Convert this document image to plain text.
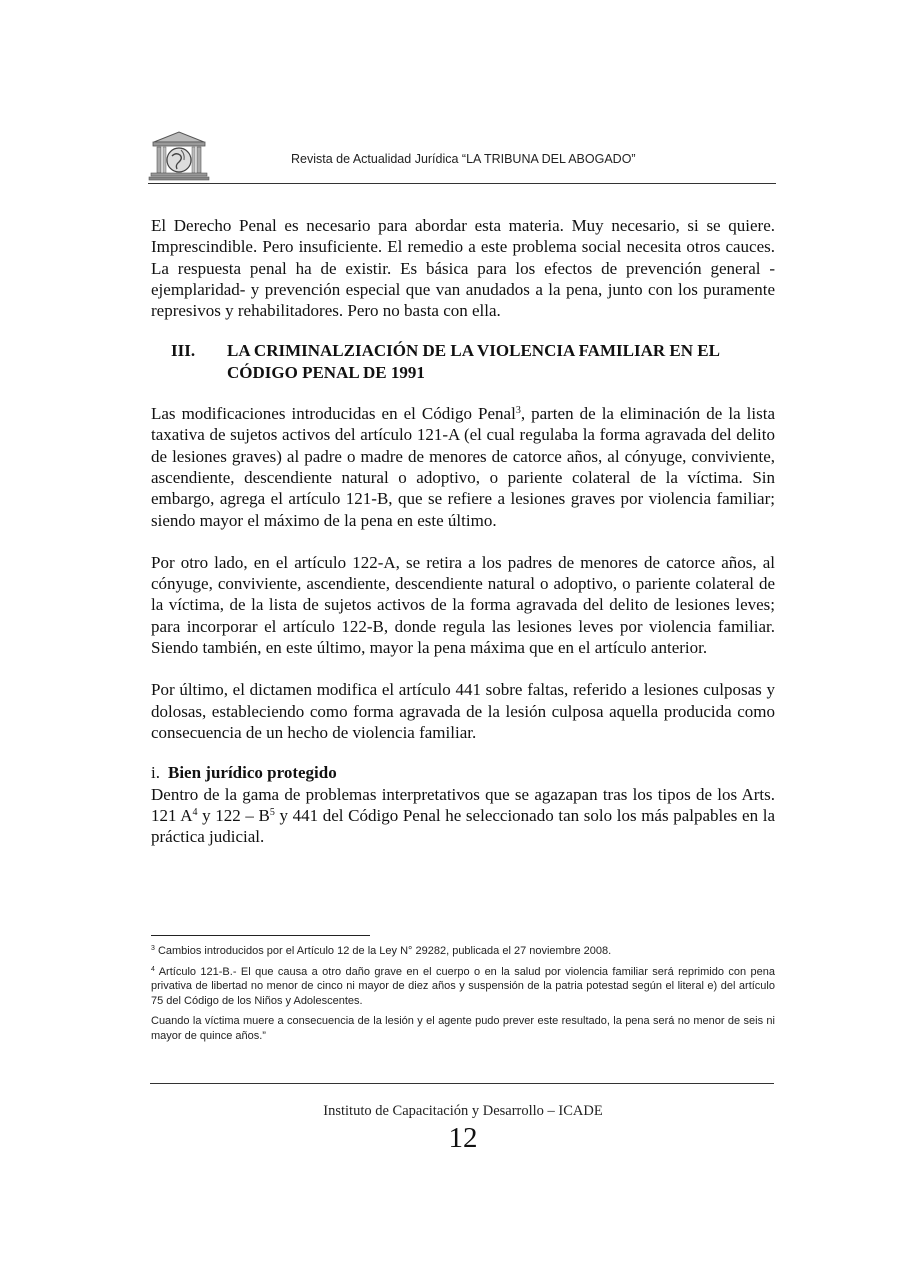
Revista de Actualidad Jurídica “LA TRIBUNA DEL ABOGADO”

El Derecho Penal es necesario para abordar esta materia. Muy necesario, si se quiere. Imprescindible. Pero insuficiente. El remedio a este problema social necesita otros cauces. La respuesta penal ha de existir. Es básica para los efectos de prevención general -ejemplaridad- y prevención especial que van anudados a la pena, junto con los puramente represivos y rehabilitadores. Pero no basta con ella.

III.	LA CRIMINALZIACIÓN DE LA VIOLENCIA FAMILIAR EN EL CÓDIGO PENAL DE 1991

Las modificaciones introducidas en el Código Penal$^3$, parten de la eliminación de la lista taxativa de sujetos activos del artículo 121-A (el cual regulaba la forma agravada del delito de lesiones graves) al padre o madre de menores de catorce años, al cónyuge, conviviente, ascendiente, descendiente natural o adoptivo, o pariente colateral de la víctima. Sin embargo, agrega el artículo 121-B, que se refiere a lesiones graves por violencia familiar; siendo mayor el máximo de la pena en este último.

Por otro lado, en el artículo 122-A, se retira a los padres de menores de catorce años, al cónyuge, conviviente, ascendiente, descendiente natural o adoptivo, o pariente colateral de la víctima, de la lista de sujetos activos de la forma agravada del delito de lesiones leves; para incorporar el artículo 122-B, donde regula las lesiones leves por violencia familiar. Siendo también, en este último, mayor la pena máxima que en el artículo anterior.

Por último, el dictamen modifica el artículo 441 sobre faltas, referido a lesiones culposas y dolosas, estableciendo como forma agravada de la lesión culposa aquella producida como consecuencia de un hecho de violencia familiar.

i. Bien jurídico protegido

Dentro de la gama de problemas interpretativos que se agazapan tras los tipos de los Arts. 121 $A^4$ y $122 - B^5$ y 441 del Código Penal he seleccionado tan solo los más palpables en la práctica judicial.

$^3$ Cambios introducidos por el Artículo 12 de la Ley N° 29282, publicada el 27 noviembre 2008.

$^4$ Artículo 121-B.- El que causa a otro daño grave en el cuerpo o en la salud por violencia familiar será reprimido con pena privativa de libertad no menor de cinco ni mayor de diez años y suspensión de la patria potestad según el literal e) del artículo 75 del Código de los Niños y Adolescentes.

Cuando la víctima muere a consecuencia de la lesión y el agente pudo prever este resultado, la pena será no menor de seis ni mayor de quince años.”

Instituto de Capacitación y Desarrollo – ICADE
12
